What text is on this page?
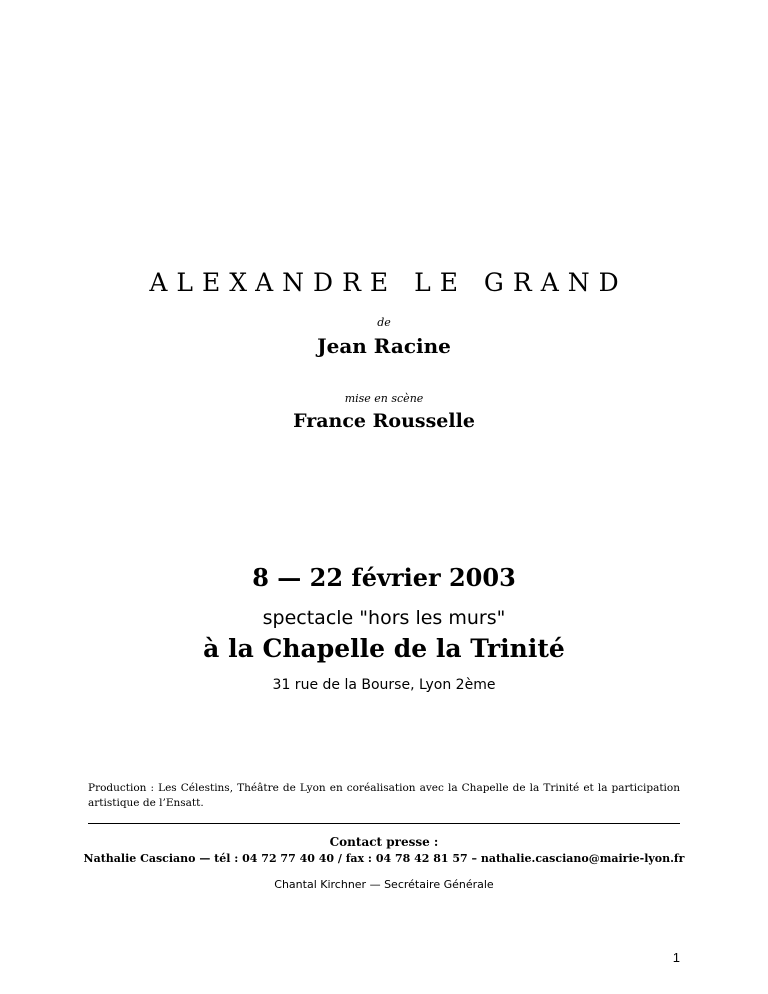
ALEXANDRE LE GRAND
de
Jean Racine
mise en scène
France Rousselle
8 — 22 février 2003
spectacle "hors les murs"
à la Chapelle de la Trinité
31 rue de la Bourse, Lyon 2ème
Production : Les Célestins, Théâtre de Lyon en coréalisation avec la Chapelle de la Trinité et la participation artistique de l’Ensatt.
Contact presse :
Nathalie Casciano — tél : 04 72 77 40 40 / fax : 04 78 42 81 57 – nathalie.casciano@mairie-lyon.fr
Chantal Kirchner — Secrétaire Générale
1
